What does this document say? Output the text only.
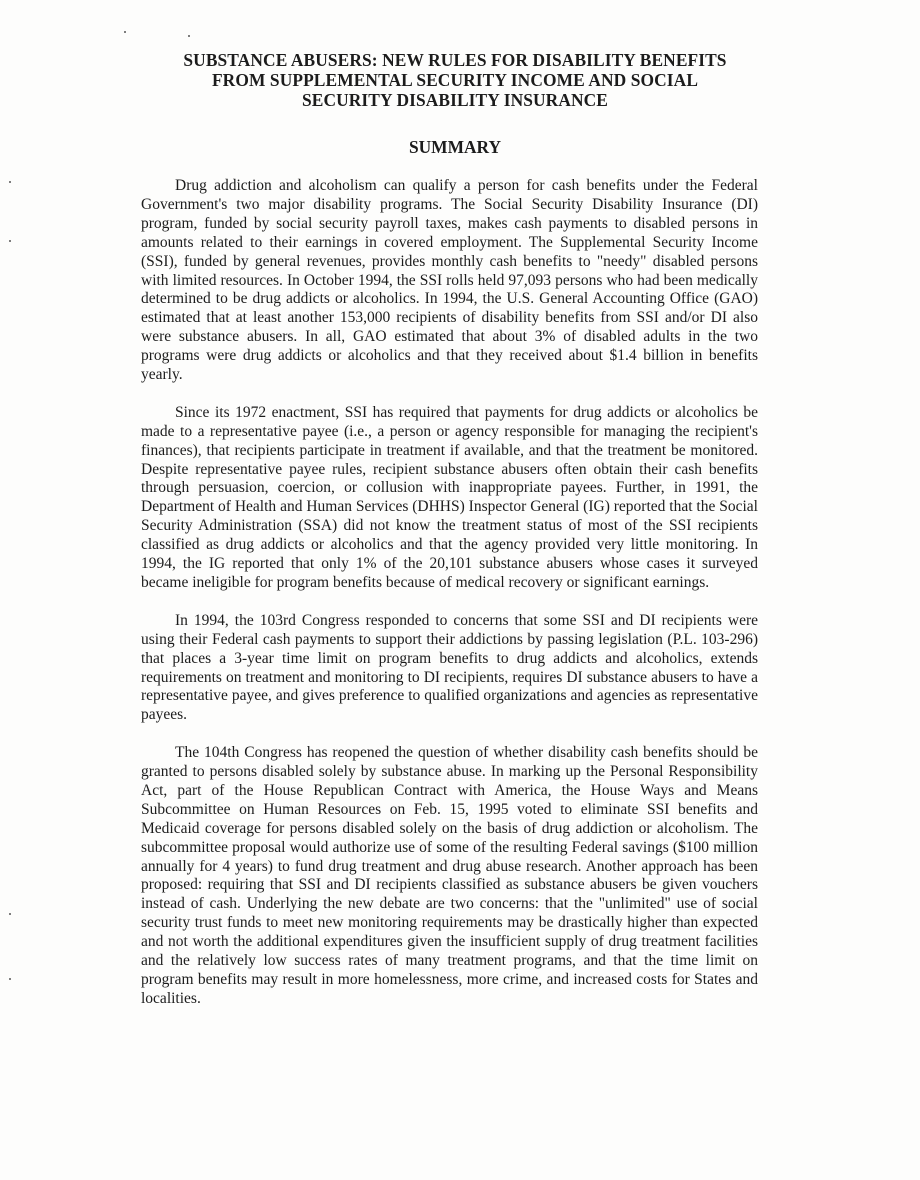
SUBSTANCE ABUSERS: NEW RULES FOR DISABILITY BENEFITS
FROM SUPPLEMENTAL SECURITY INCOME AND SOCIAL
SECURITY DISABILITY INSURANCE
SUMMARY

Drug addiction and alcoholism can qualify a person for cash benefits under the Federal Government's two major disability programs. The Social Security Disability Insurance (DI) program, funded by social security payroll taxes, makes cash payments to disabled persons in amounts related to their earnings in covered employment. The Supplemental Security Income (SSI), funded by general revenues, provides monthly cash benefits to "needy" disabled persons with limited resources. In October 1994, the SSI rolls held 97,093 persons who had been medically determined to be drug addicts or alcoholics. In 1994, the U.S. General Accounting Office (GAO) estimated that at least another 153,000 recipients of disability benefits from SSI and/or DI also were substance abusers. In all, GAO estimated that about 3% of disabled adults in the two programs were drug addicts or alcoholics and that they received about $1.4 billion in benefits yearly.

Since its 1972 enactment, SSI has required that payments for drug addicts or alcoholics be made to a representative payee (i.e., a person or agency responsible for managing the recipient's finances), that recipients participate in treatment if available, and that the treatment be monitored. Despite representative payee rules, recipient substance abusers often obtain their cash benefits through persuasion, coercion, or collusion with inappropriate payees. Further, in 1991, the Department of Health and Human Services (DHHS) Inspector General (IG) reported that the Social Security Administration (SSA) did not know the treatment status of most of the SSI recipients classified as drug addicts or alcoholics and that the agency provided very little monitoring. In 1994, the IG reported that only 1% of the 20,101 substance abusers whose cases it surveyed became ineligible for program benefits because of medical recovery or significant earnings.

In 1994, the 103rd Congress responded to concerns that some SSI and DI recipients were using their Federal cash payments to support their addictions by passing legislation (P.L. 103-296) that places a 3-year time limit on program benefits to drug addicts and alcoholics, extends requirements on treatment and monitoring to DI recipients, requires DI substance abusers to have a representative payee, and gives preference to qualified organizations and agencies as representative payees.

The 104th Congress has reopened the question of whether disability cash benefits should be granted to persons disabled solely by substance abuse. In marking up the Personal Responsibility Act, part of the House Republican Contract with America, the House Ways and Means Subcommittee on Human Resources on Feb. 15, 1995 voted to eliminate SSI benefits and Medicaid coverage for persons disabled solely on the basis of drug addiction or alcoholism. The subcommittee proposal would authorize use of some of the resulting Federal savings ($100 million annually for 4 years) to fund drug treatment and drug abuse research. Another approach has been proposed: requiring that SSI and DI recipients classified as substance abusers be given vouchers instead of cash. Underlying the new debate are two concerns: that the "unlimited" use of social security trust funds to meet new monitoring requirements may be drastically higher than expected and not worth the additional expenditures given the insufficient supply of drug treatment facilities and the relatively low success rates of many treatment programs, and that the time limit on program benefits may result in more homelessness, more crime, and increased costs for States and localities.
